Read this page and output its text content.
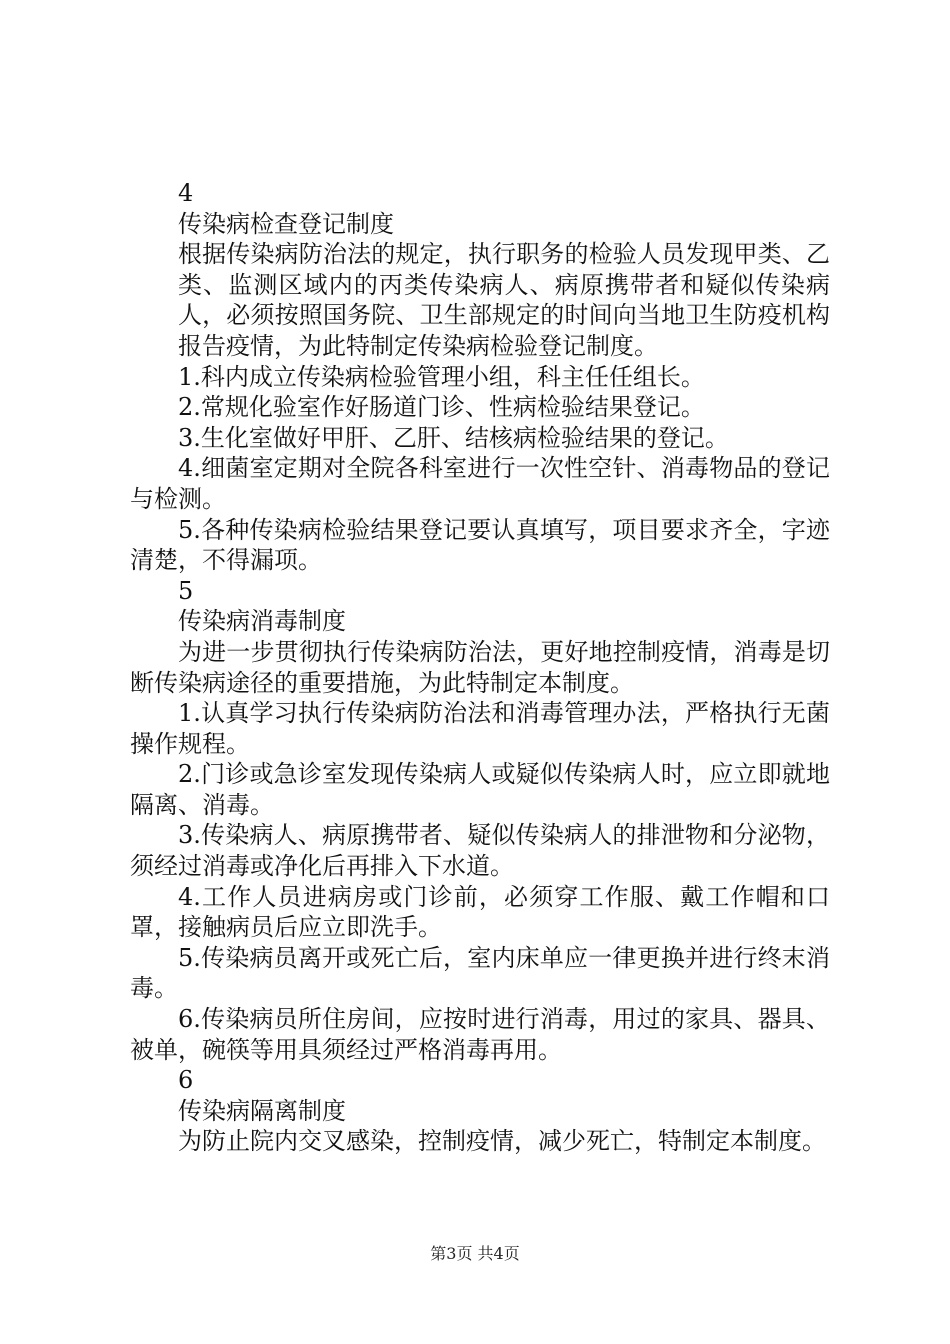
4
传染病检查登记制度
根据传染病防治法的规定，执行职务的检验人员发现甲类、乙类、监测区域内的丙类传染病人、病原携带者和疑似传染病人，必须按照国务院、卫生部规定的时间向当地卫生防疫机构报告疫情，为此特制定传染病检验登记制度。
1.科内成立传染病检验管理小组，科主任任组长。
2.常规化验室作好肠道门诊、性病检验结果登记。
3.生化室做好甲肝、乙肝、结核病检验结果的登记。
4.细菌室定期对全院各科室进行一次性空针、消毒物品的登记与检测。
5.各种传染病检验结果登记要认真填写，项目要求齐全，字迹清楚，不得漏项。
5
传染病消毒制度
为进一步贯彻执行传染病防治法，更好地控制疫情，消毒是切断传染病途径的重要措施，为此特制定本制度。
1.认真学习执行传染病防治法和消毒管理办法，严格执行无菌操作规程。
2.门诊或急诊室发现传染病人或疑似传染病人时，应立即就地隔离、消毒。
3.传染病人、病原携带者、疑似传染病人的排泄物和分泌物，须经过消毒或净化后再排入下水道。
4.工作人员进病房或门诊前，必须穿工作服、戴工作帽和口罩，接触病员后应立即洗手。
5.传染病员离开或死亡后，室内床单应一律更换并进行终末消毒。
6.传染病员所住房间，应按时进行消毒，用过的家具、器具、被单，碗筷等用具须经过严格消毒再用。
6
传染病隔离制度
为防止院内交叉感染，控制疫情，减少死亡，特制定本制度。
第3页 共4页
